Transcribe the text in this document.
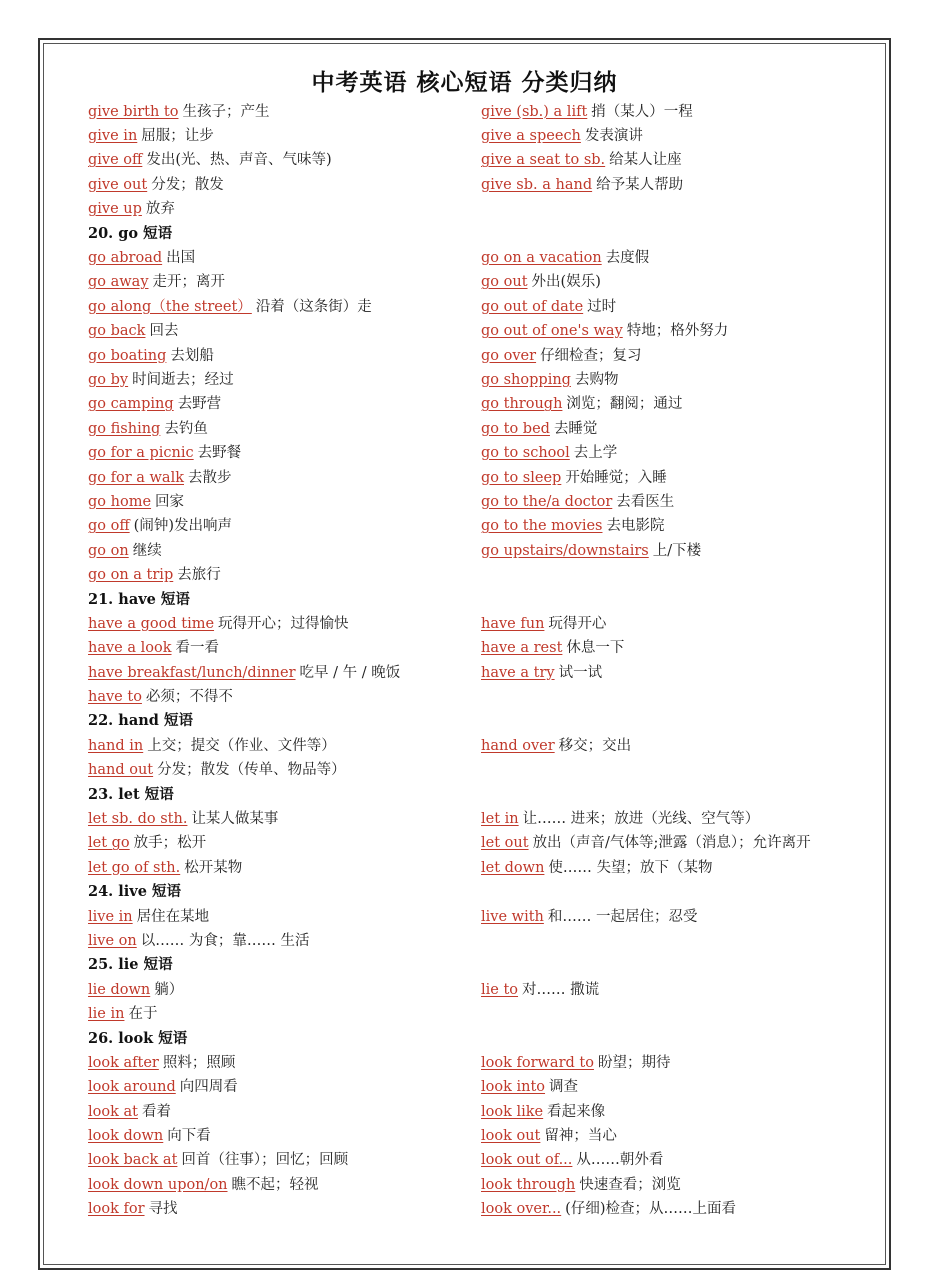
中考英语 核心短语 分类归纳
give birth to 生孩子；产生	give (sb.) a lift 捎（某人）一程
give in 屈服；让步	give a speech 发表演讲
give off 发出(光、热、声音、气味等)	give a seat to sb. 给某人让座
give out 分发；散发	give sb. a hand 给予某人帮助
give up 放弃
20. go 短语
go abroad 出国	go on a vacation 去度假
go away 走开；离开	go out 外出(娱乐)
go along（the street） 沿着（这条街）走	go out of date 过时
go back 回去	go out of one's way 特地；格外努力
go boating 去划船	go over 仔细检查；复习
go by 时间逝去；经过	go shopping 去购物
go camping 去野营	go through 浏览；翻阅；通过
go fishing 去钓鱼	go to bed 去睡觉
go for a picnic 去野餐	go to school 去上学
go for a walk 去散步	go to sleep 开始睡觉；入睡
go home 回家	go to the/a doctor 去看医生
go off (闹钟)发出响声	go to the movies 去电影院
go on 继续	go upstairs/downstairs 上/下楼
go on a trip 去旅行
21. have 短语
have a good time 玩得开心；过得愉快	have fun 玩得开心
have a look 看一看	have a rest 休息一下
have breakfast/lunch/dinner 吃早 / 午 / 晚饭	have a try 试一试
have to 必须；不得不
22. hand 短语
hand in 上交；提交（作业、文件等）	hand over 移交；交出
hand out 分发；散发（传单、物品等）
23. let 短语
let sb. do sth. 让某人做某事	let in 让…… 进来；放进（光线、空气等）
let go 放手；松开	let out 放出（声音/气体等;泄露（消息）；允许离开
let go of sth. 松开某物	let down 使…… 失望；放下（某物
24. live 短语
live in 居住在某地	live with 和…… 一起居住；忍受
live on 以…… 为食；靠…… 生活
25. lie 短语
lie down 躺）	lie to 对…… 撒谎
lie in 在于
26. look 短语
look after 照料；照顾	look forward to 盼望；期待
look around 向四周看	look into 调查
look at 看着	look like 看起来像
look down 向下看	look out 留神；当心
look back at 回首（往事）；回忆；回顾	look out of... 从……朝外看
look down upon/on 瞧不起；轻视	look through 快速查看；浏览
look for 寻找	look over... (仔细)检查；从……上面看
